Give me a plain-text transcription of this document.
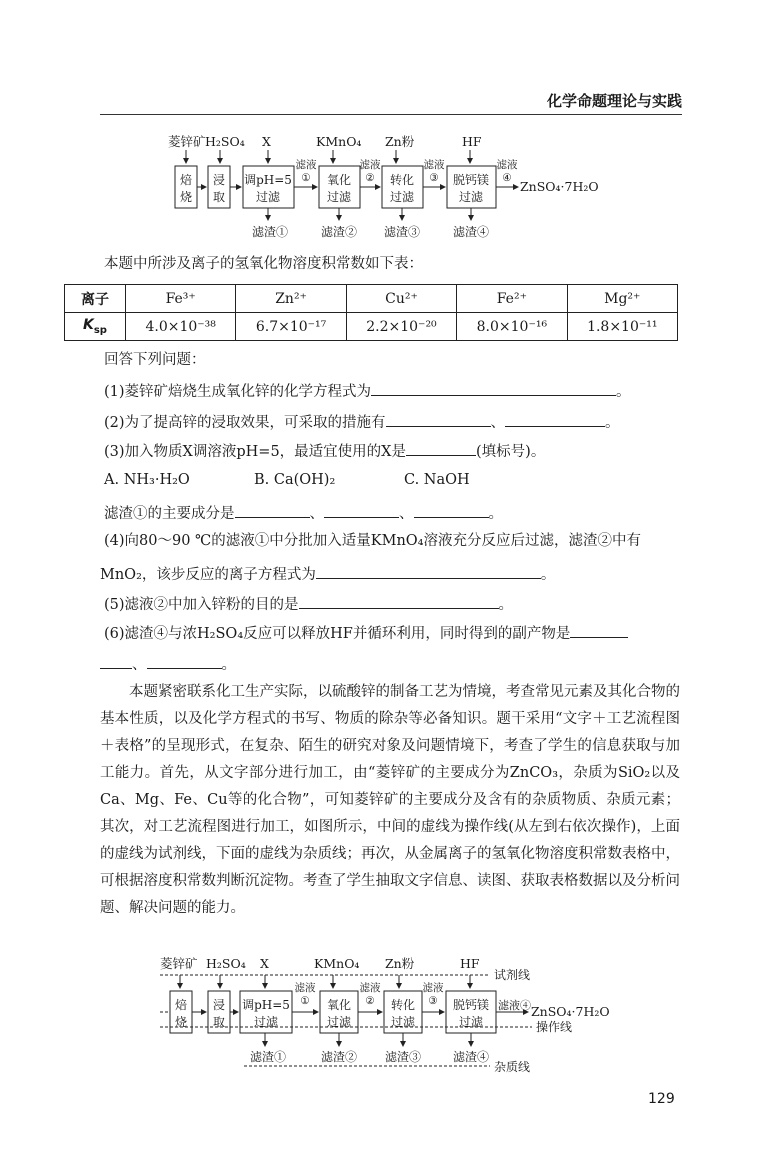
化学命题理论与实践
菱锌矿 H₂SO₄ X	KMnO₄ Zn粉	HF
焙
烧
浸
取
调pH=5
过滤
氧化
过滤
转化
过滤
脱钙镁
过滤
滤液
①
滤液
②
滤液
③
滤液
④
ZnSO₄·7H₂O
滤渣①	滤渣② 滤渣③	滤渣④
本题中所涉及离子的氢氧化物溶度积常数如下表：
离子	Fe³⁺	Zn²⁺	Cu²⁺	Fe²⁺	Mg²⁺
$K_{sp}$	4.0×10⁻³⁸	6.7×10⁻¹⁷	2.2×10⁻²⁰	8.0×10⁻¹⁶	1.8×10⁻¹¹
回答下列问题：
(1)菱锌矿焙烧生成氧化锌的化学方程式为	。
(2)为了提高锌的浸取效果，可采取的措施有	、	。
(3)加入物质X调溶液pH=5，最适宜使用的X是	(填标号)。
A. NH₃·H₂O	B. Ca(OH)₂	C. NaOH
滤渣①的主要成分是	、	、	。
(4)向80～90 ℃的滤液①中分批加入适量KMnO₄溶液充分反应后过滤，滤渣②中有
MnO₂，该步反应的离子方程式为	。
(5)滤液②中加入锌粉的目的是	。
(6)滤渣④与浓H₂SO₄反应可以释放HF并循环利用，同时得到的副产物是
、	。
本题紧密联系化工生产实际，以硫酸锌的制备工艺为情境，考查常见元素及其化合物的基本性质，以及化学方程式的书写、物质的除杂等必备知识。题干采用“文字＋工艺流程图＋表格”的呈现形式，在复杂、陌生的研究对象及问题情境下，考查了学生的信息获取与加工能力。首先，从文字部分进行加工，由“菱锌矿的主要成分为ZnCO₃，杂质为SiO₂以及Ca、Mg、Fe、Cu等的化合物”，可知菱锌矿的主要成分及含有的杂质物质、杂质元素；其次，对工艺流程图进行加工，如图所示，中间的虚线为操作线(从左到右依次操作)，上面的虚线为试剂线，下面的虚线为杂质线；再次，从金属离子的氢氧化物溶度积常数表格中，可根据溶度积常数判断沉淀物。考查了学生抽取文字信息、读图、获取表格数据以及分析问题、解决问题的能力。
菱锌矿 H₂SO₄ X	KMnO₄ Zn粉	HF
焙
烧
浸
取
调pH=5
过滤
氧化
过滤
转化
过滤
脱钙镁
过滤
滤液
①
滤液
②
滤液
③	滤液④ ZnSO₄·7H₂O
试剂线
操作线
滤渣①	滤渣② 滤渣③	滤渣④
杂质线
129
